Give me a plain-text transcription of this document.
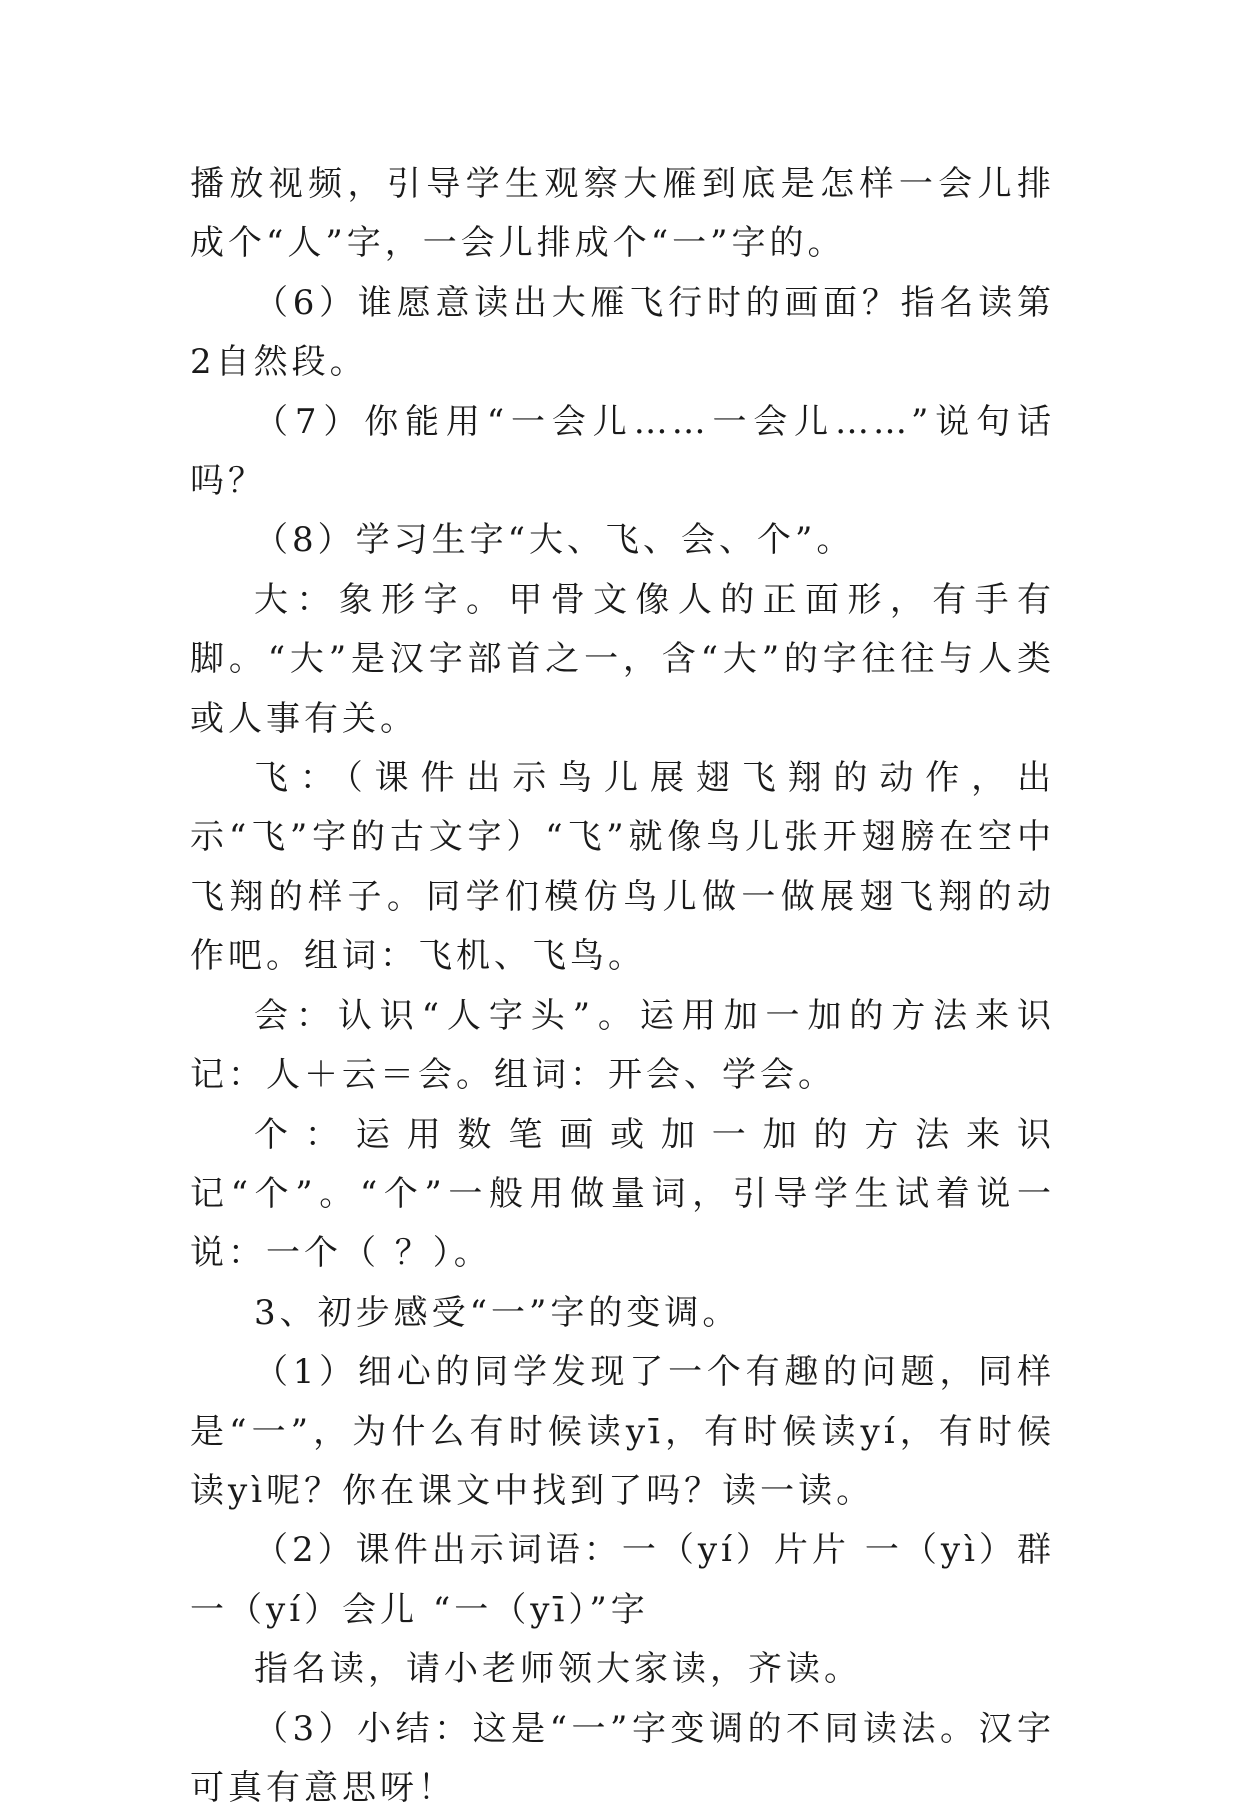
播放视频，引导学生观察大雁到底是怎样一会儿排成个“人”字，一会儿排成个“一”字的。

（6）谁愿意读出大雁飞行时的画面？指名读第2自然段。

（7）你能用“一会儿……一会儿……”说句话吗？

（8）学习生字“大、飞、会、个”。

大：象形字。甲骨文像人的正面形，有手有脚。“大”是汉字部首之一，含“大”的字往往与人类或人事有关。

飞：（课件出示鸟儿展翅飞翔的动作，出示“飞”字的古文字）“飞”就像鸟儿张开翅膀在空中飞翔的样子。同学们模仿鸟儿做一做展翅飞翔的动作吧。组词：飞机、飞鸟。

会：认识“人字头”。运用加一加的方法来识记：人＋云＝会。组词：开会、学会。

个：运用数笔画或加一加的方法来识记“个”。“个”一般用做量词，引导学生试着说一说：一个（ ？）。

3、初步感受“一”字的变调。

（1）细心的同学发现了一个有趣的问题，同样是“一”，为什么有时候读yī，有时候读yí，有时候读yì呢？你在课文中找到了吗？读一读。

（2）课件出示词语：一（yí）片片 一（yì）群 一（yí）会儿 “一（yī）”字

指名读，请小老师领大家读，齐读。

（3）小结：这是“一”字变调的不同读法。汉字可真有意思呀！
